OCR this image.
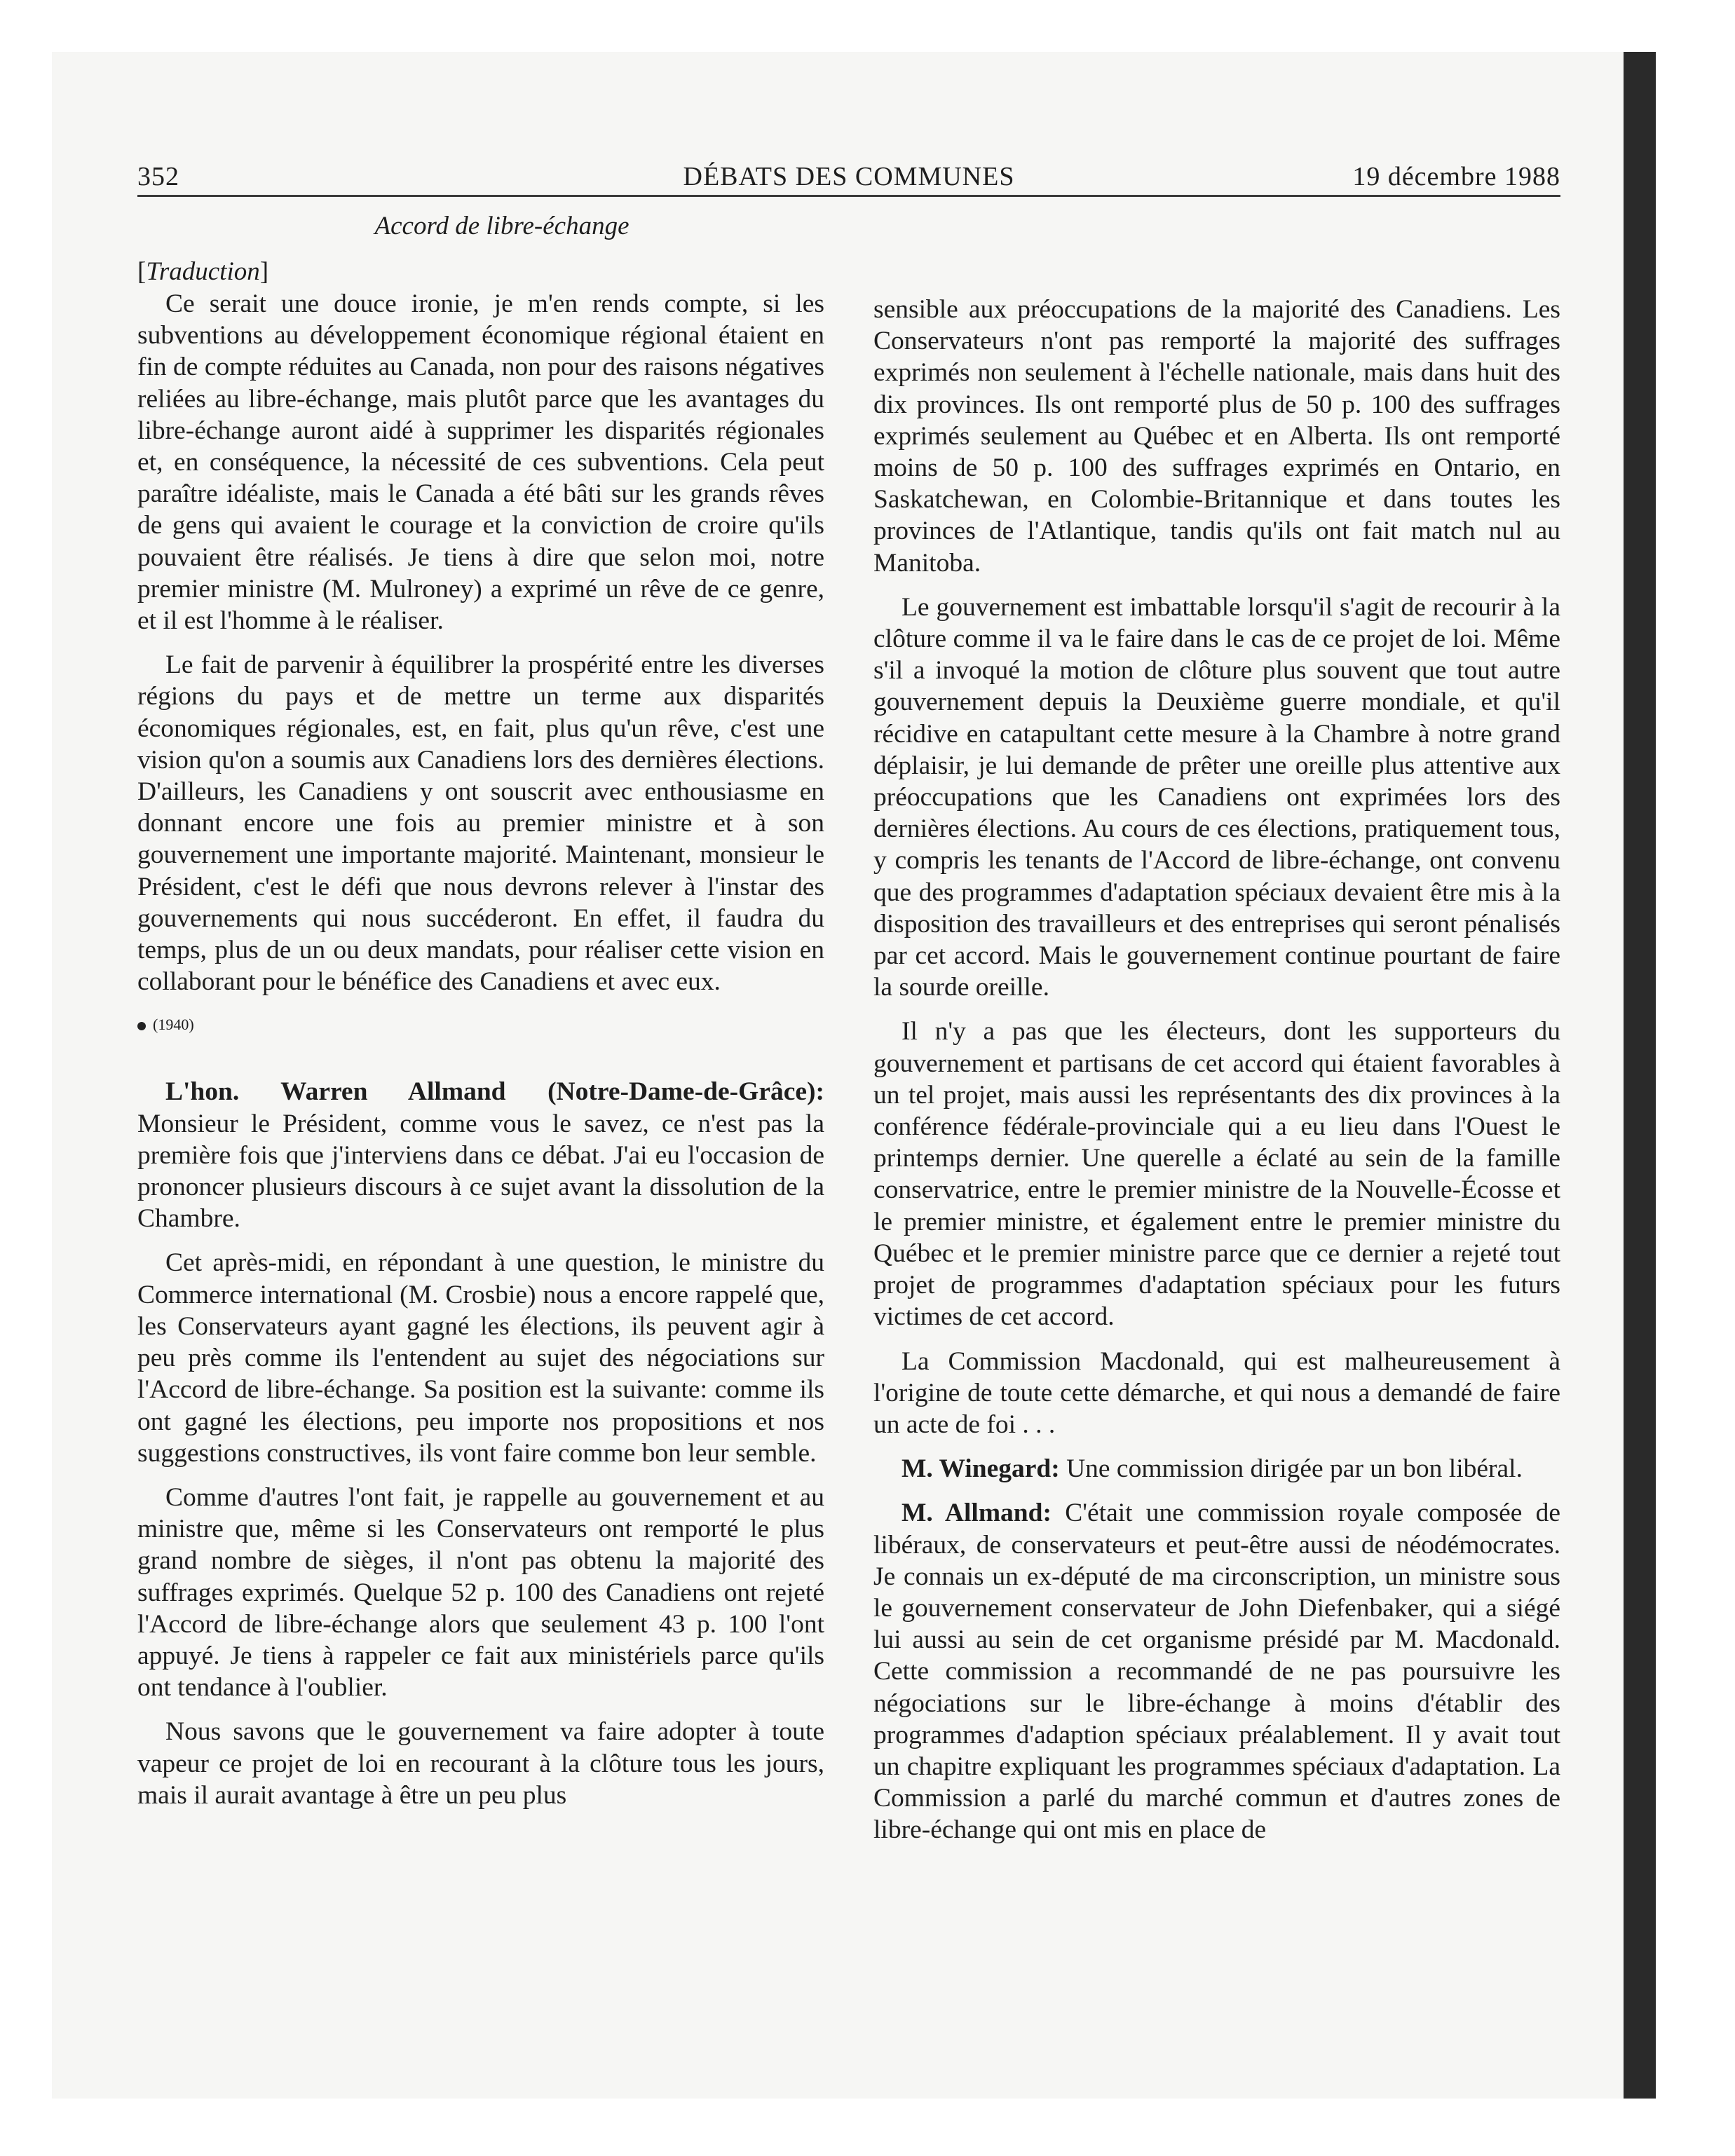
352	DÉBATS DES COMMUNES	19 décembre 1988
Accord de libre-échange
[Traduction]

Ce serait une douce ironie, je m'en rends compte, si les subventions au développement économique régional étaient en fin de compte réduites au Canada, non pour des raisons négatives reliées au libre-échange, mais plutôt parce que les avantages du libre-échange auront aidé à supprimer les disparités régionales et, en conséquence, la nécessité de ces subventions. Cela peut paraître idéaliste, mais le Canada a été bâti sur les grands rêves de gens qui avaient le courage et la conviction de croire qu'ils pouvaient être réalisés. Je tiens à dire que selon moi, notre premier ministre (M. Mulroney) a exprimé un rêve de ce genre, et il est l'homme à le réaliser.

Le fait de parvenir à équilibrer la prospérité entre les diverses régions du pays et de mettre un terme aux disparités économiques régionales, est, en fait, plus qu'un rêve, c'est une vision qu'on a soumis aux Canadiens lors des dernières élections. D'ailleurs, les Canadiens y ont souscrit avec enthousiasme en donnant encore une fois au premier ministre et à son gouvernement une importante majorité. Maintenant, monsieur le Président, c'est le défi que nous devrons relever à l'instar des gouvernements qui nous succéderont. En effet, il faudra du temps, plus de un ou deux mandats, pour réaliser cette vision en collaborant pour le bénéfice des Canadiens et avec eux.

(1940)

L'hon. Warren Allmand (Notre-Dame-de-Grâce): Monsieur le Président, comme vous le savez, ce n'est pas la première fois que j'interviens dans ce débat. J'ai eu l'occasion de prononcer plusieurs discours à ce sujet avant la dissolution de la Chambre.

Cet après-midi, en répondant à une question, le ministre du Commerce international (M. Crosbie) nous a encore rappelé que, les Conservateurs ayant gagné les élections, ils peuvent agir à peu près comme ils l'entendent au sujet des négociations sur l'Accord de libre-échange. Sa position est la suivante: comme ils ont gagné les élections, peu importe nos propositions et nos suggestions constructives, ils vont faire comme bon leur semble.

Comme d'autres l'ont fait, je rappelle au gouvernement et au ministre que, même si les Conservateurs ont remporté le plus grand nombre de sièges, il n'ont pas obtenu la majorité des suffrages exprimés. Quelque 52 p. 100 des Canadiens ont rejeté l'Accord de libre-échange alors que seulement 43 p. 100 l'ont appuyé. Je tiens à rappeler ce fait aux ministériels parce qu'ils ont tendance à l'oublier.

Nous savons que le gouvernement va faire adopter à toute vapeur ce projet de loi en recourant à la clôture tous les jours, mais il aurait avantage à être un peu plus

sensible aux préoccupations de la majorité des Canadiens. Les Conservateurs n'ont pas remporté la majorité des suffrages exprimés non seulement à l'échelle nationale, mais dans huit des dix provinces. Ils ont remporté plus de 50 p. 100 des suffrages exprimés seulement au Québec et en Alberta. Ils ont remporté moins de 50 p. 100 des suffrages exprimés en Ontario, en Saskatchewan, en Colombie-Britannique et dans toutes les provinces de l'Atlantique, tandis qu'ils ont fait match nul au Manitoba.

Le gouvernement est imbattable lorsqu'il s'agit de recourir à la clôture comme il va le faire dans le cas de ce projet de loi. Même s'il a invoqué la motion de clôture plus souvent que tout autre gouvernement depuis la Deuxième guerre mondiale, et qu'il récidive en catapultant cette mesure à la Chambre à notre grand déplaisir, je lui demande de prêter une oreille plus attentive aux préoccupations que les Canadiens ont exprimées lors des dernières élections. Au cours de ces élections, pratiquement tous, y compris les tenants de l'Accord de libre-échange, ont convenu que des programmes d'adaptation spéciaux devaient être mis à la disposition des travailleurs et des entreprises qui seront pénalisés par cet accord. Mais le gouvernement continue pourtant de faire la sourde oreille.

Il n'y a pas que les électeurs, dont les supporteurs du gouvernement et partisans de cet accord qui étaient favorables à un tel projet, mais aussi les représentants des dix provinces à la conférence fédérale-provinciale qui a eu lieu dans l'Ouest le printemps dernier. Une querelle a éclaté au sein de la famille conservatrice, entre le premier ministre de la Nouvelle-Écosse et le premier ministre, et également entre le premier ministre du Québec et le premier ministre parce que ce dernier a rejeté tout projet de programmes d'adaptation spéciaux pour les futurs victimes de cet accord.

La Commission Macdonald, qui est malheureusement à l'origine de toute cette démarche, et qui nous a demandé de faire un acte de foi . . .

M. Winegard: Une commission dirigée par un bon libéral.

M. Allmand: C'était une commission royale composée de libéraux, de conservateurs et peut-être aussi de néodémocrates. Je connais un ex-député de ma circonscription, un ministre sous le gouvernement conservateur de John Diefenbaker, qui a siégé lui aussi au sein de cet organisme présidé par M. Macdonald. Cette commission a recommandé de ne pas poursuivre les négociations sur le libre-échange à moins d'établir des programmes d'adaption spéciaux préalablement. Il y avait tout un chapitre expliquant les programmes spéciaux d'adaptation. La Commission a parlé du marché commun et d'autres zones de libre-échange qui ont mis en place de
